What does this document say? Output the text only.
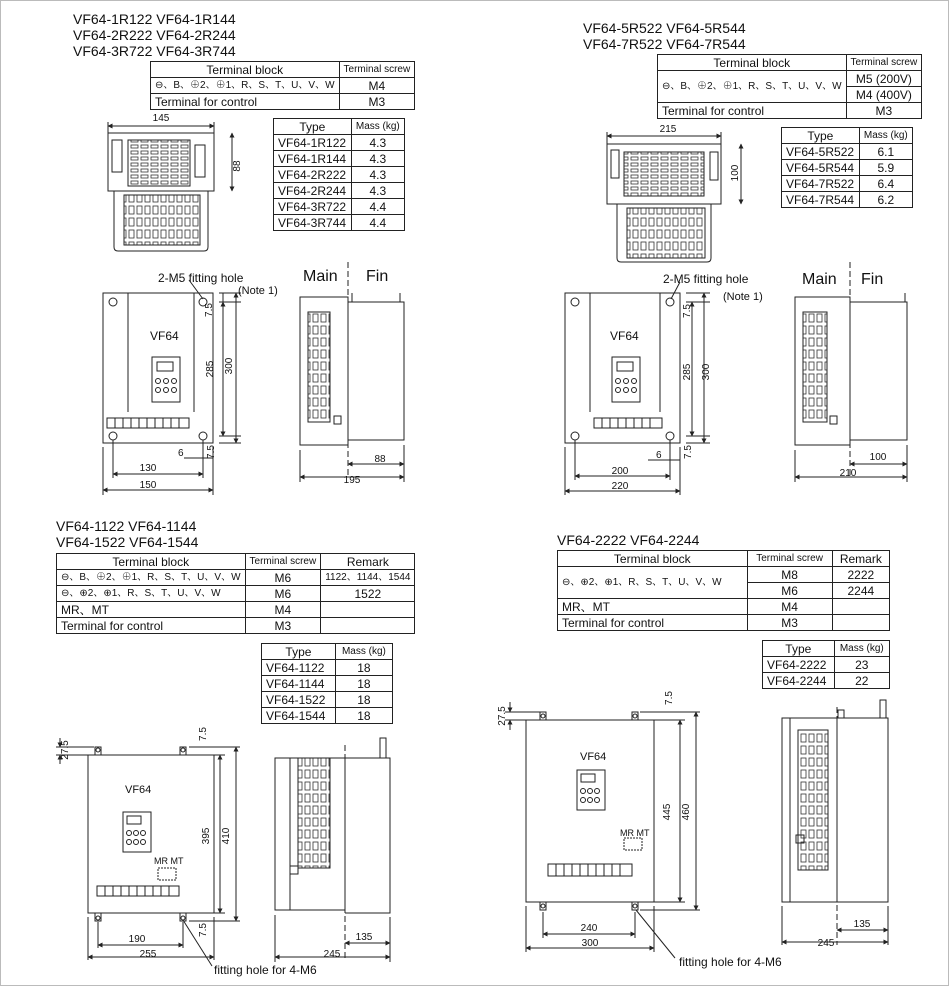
VF64-1R122 VF64-1R144
VF64-2R222 VF64-2R244
VF64-3R722 VF64-3R744
Terminal block	Terminal screw
⊖、B、⊕2、⊕1、R、S、T、U、V、W	M4
Terminal for control	M3
Type	Mass (kg)
VF64-1R122	4.3
VF64-1R144	4.3
VF64-2R222	4.3
VF64-2R244	4.3
VF64-3R722	4.4
VF64-3R744	4.4
VF64-5R522 VF64-5R544
VF64-7R522 VF64-7R544
Terminal block	Terminal screw
⊖、B、⊕2、⊕1、R、S、T、U、V、W	M5 (200V)
	M4 (400V)
Terminal for control	M3
Type	Mass (kg)
VF64-5R522	6.1
VF64-5R544	5.9
VF64-7R522	6.4
VF64-7R544	6.2
VF64-1122 VF64-1144
VF64-1522 VF64-1544
Terminal block	Terminal screw	Remark
⊖、B、⊕2、⊕1、R、S、T、U、V、W	M6	1122、1144、1544
⊖、⊕2、⊕1、R、S、T、U、V、W	M6	1522
MR、MT	M4	
Terminal for control	M3	
Type	Mass (kg)
VF64-1122	18
VF64-1144	18
VF64-1522	18
VF64-1544	18
VF64-2222 VF64-2244
Terminal block	Terminal screw	Remark
⊖、⊕2、⊕1、R、S、T、U、V、W	M8	2222
	M6	2244
MR、MT	M4	
Terminal for control	M3	
Type	Mass (kg)
VF64-2222	23
VF64-2244	22
145
88
2-M5 fitting hole
(Note 1)
Main Fin
VF64
7.5
285 300
6 7.5
130
150	195
88
215
100
2-M5 fitting hole
(Note 1)
Main Fin
VF64
7.5
285 300
6 7.5
200
220
210
100
27.5
7.5
395 410
7.5
190
255
135
245
VF64
MR MT
fitting hole for 4-M6
27.5
7.5
445 460
240
300
135
245
VF64
MR MT
fitting hole for 4-M6
